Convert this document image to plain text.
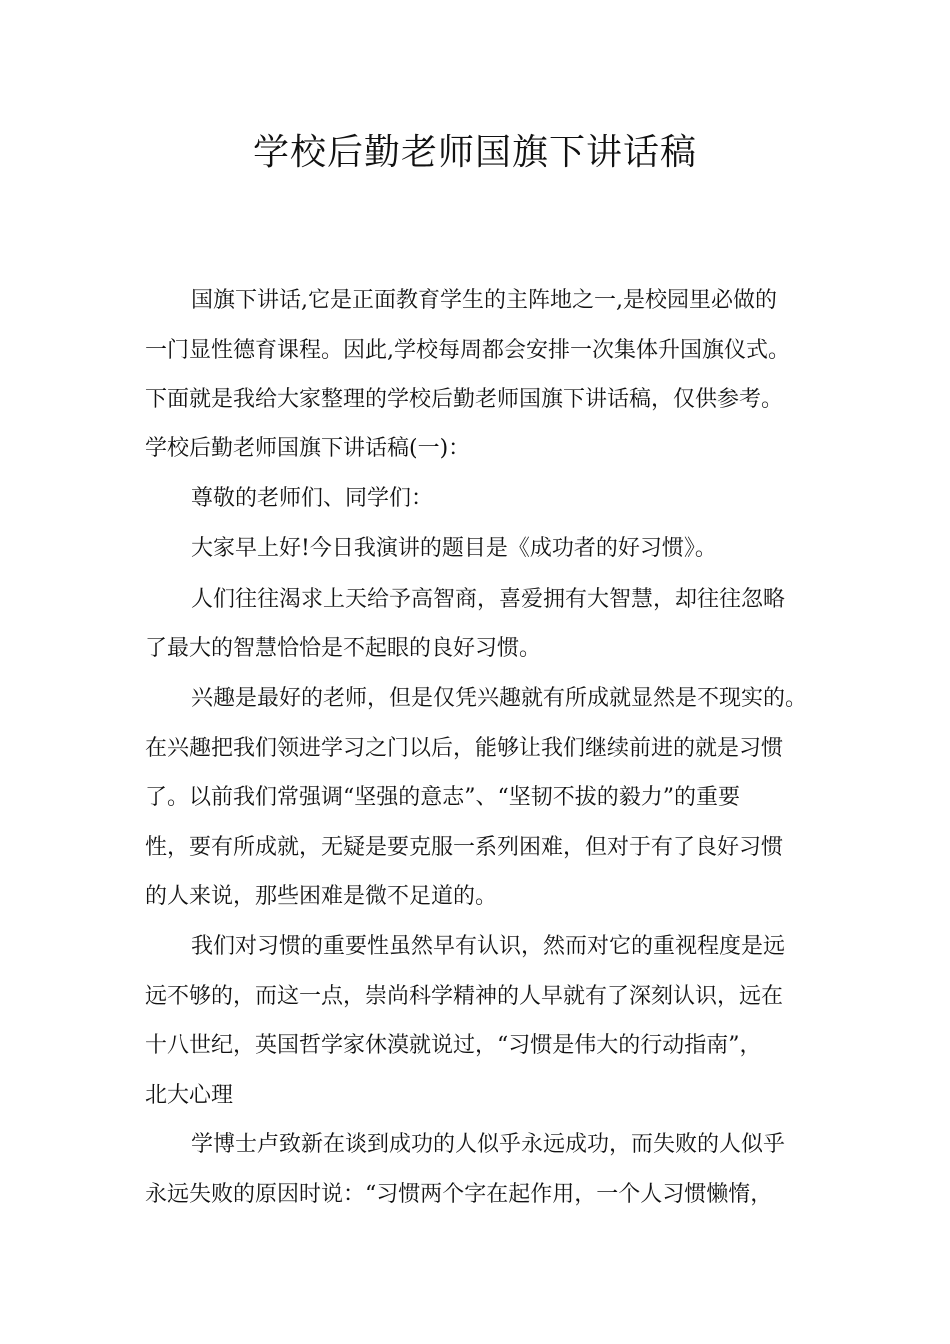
学校后勤老师国旗下讲话稿
国旗下讲话,它是正面教育学生的主阵地之一,是校园里必做的
一门显性德育课程。因此,学校每周都会安排一次集体升国旗仪式。
下面就是我给大家整理的学校后勤老师国旗下讲话稿，仅供参考。
学校后勤老师国旗下讲话稿(一)：
尊敬的老师们、同学们：
大家早上好!今日我演讲的题目是《成功者的好习惯》。
人们往往渴求上天给予高智商，喜爱拥有大智慧，却往往忽略
了最大的智慧恰恰是不起眼的良好习惯。
兴趣是最好的老师，但是仅凭兴趣就有所成就显然是不现实的。
在兴趣把我们领进学习之门以后，能够让我们继续前进的就是习惯
了。以前我们常强调“坚强的意志”、“坚韧不拔的毅力”的重要
性，要有所成就，无疑是要克服一系列困难，但对于有了良好习惯
的人来说，那些困难是微不足道的。
我们对习惯的重要性虽然早有认识，然而对它的重视程度是远
远不够的，而这一点，崇尚科学精神的人早就有了深刻认识，远在
十八世纪，英国哲学家休漠就说过，“习惯是伟大的行动指南”，
北大心理
学博士卢致新在谈到成功的人似乎永远成功，而失败的人似乎
永远失败的原因时说：“习惯两个字在起作用，一个人习惯懒惰，
